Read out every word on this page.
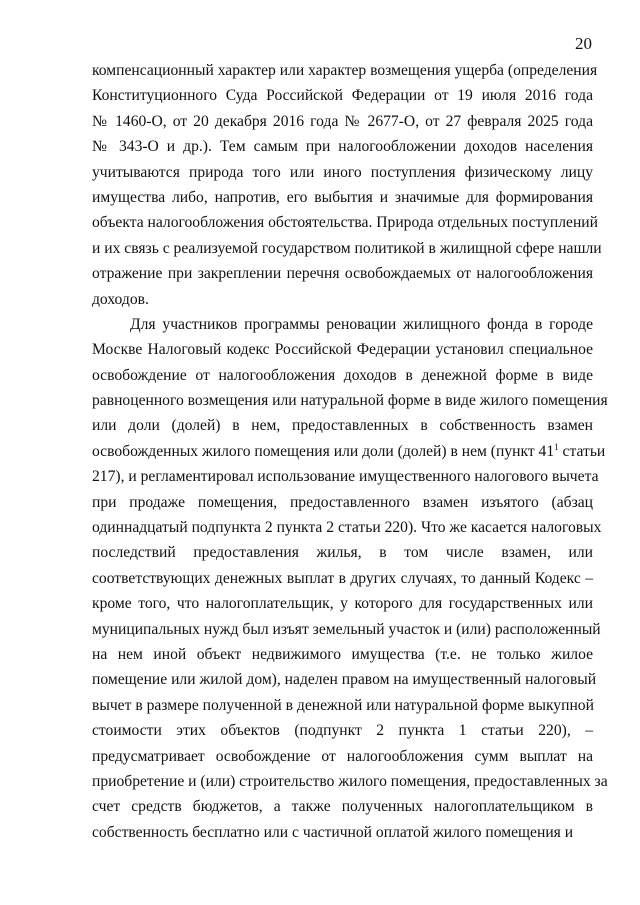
20
компенсационный характер или характер возмещения ущерба (определения
Конституционного Суда Российской Федерации от 19 июля 2016 года
№ 1460-О, от 20 декабря 2016 года № 2677-О, от 27 февраля 2025 года
№ 343-О и др.). Тем самым при налогообложении доходов населения
учитываются природа того или иного поступления физическому лицу
имущества либо, напротив, его выбытия и значимые для формирования
объекта налогообложения обстоятельства. Природа отдельных поступлений
и их связь с реализуемой государством политикой в жилищной сфере нашли
отражение при закреплении перечня освобождаемых от налогообложения
доходов.
Для участников программы реновации жилищного фонда в городе
Москве Налоговый кодекс Российской Федерации установил специальное
освобождение от налогообложения доходов в денежной форме в виде
равноценного возмещения или натуральной форме в виде жилого помещения
или доли (долей) в нем, предоставленных в собственность взамен
освобожденных жилого помещения или доли (долей) в нем (пункт $41^1$ статьи
217), и регламентировал использование имущественного налогового вычета
при продаже помещения, предоставленного взамен изъятого (абзац
одиннадцатый подпункта 2 пункта 2 статьи 220). Что же касается налоговых
последствий предоставления жилья, в том числе взамен, или
соответствующих денежных выплат в других случаях, то данный Кодекс –
кроме того, что налогоплательщик, у которого для государственных или
муниципальных нужд был изъят земельный участок и (или) расположенный
на нем иной объект недвижимого имущества (т.е. не только жилое
помещение или жилой дом), наделен правом на имущественный налоговый
вычет в размере полученной в денежной или натуральной форме выкупной
стоимости этих объектов (подпункт 2 пункта 1 статьи 220), –
предусматривает освобождение от налогообложения сумм выплат на
приобретение и (или) строительство жилого помещения, предоставленных за
счет средств бюджетов, а также полученных налогоплательщиком в
собственность бесплатно или с частичной оплатой жилого помещения и
